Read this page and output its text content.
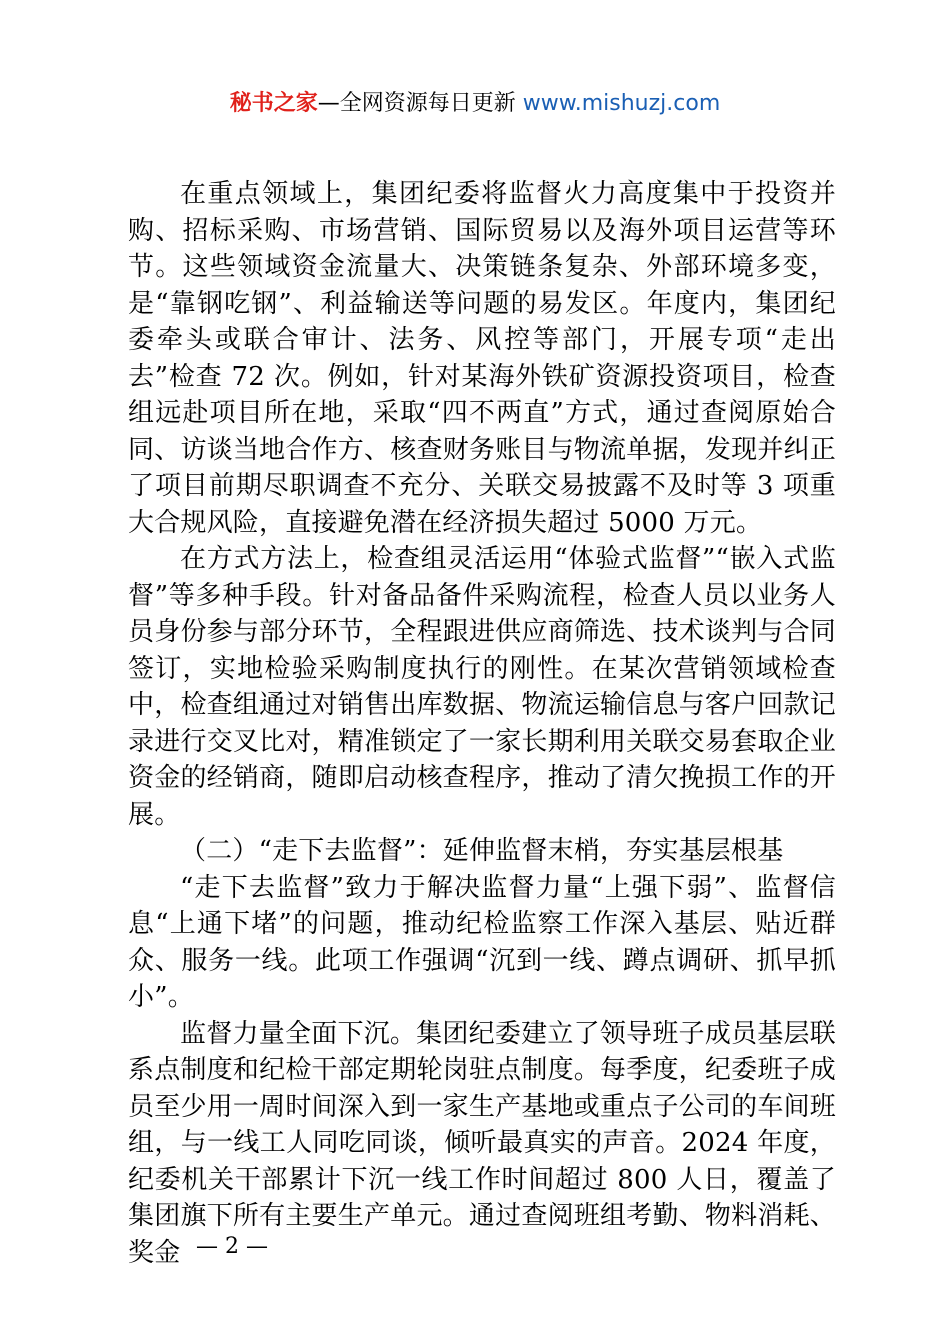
秘书之家—全网资源每日更新 www.mishuzj.com

在重点领域上，集团纪委将监督火力高度集中于投资并购、招标采购、市场营销、国际贸易以及海外项目运营等环节。这些领域资金流量大、决策链条复杂、外部环境多变，是“靠钢吃钢”、利益输送等问题的易发区。年度内，集团纪委牵头或联合审计、法务、风控等部门，开展专项“走出去”检查 72 次。例如，针对某海外铁矿资源投资项目，检查组远赴项目所在地，采取“四不两直”方式，通过查阅原始合同、访谈当地合作方、核查财务账目与物流单据，发现并纠正了项目前期尽职调查不充分、关联交易披露不及时等 3 项重大合规风险，直接避免潜在经济损失超过 5000 万元。

在方式方法上，检查组灵活运用“体验式监督”“嵌入式监督”等多种手段。针对备品备件采购流程，检查人员以业务人员身份参与部分环节，全程跟进供应商筛选、技术谈判与合同签订，实地检验采购制度执行的刚性。在某次营销领域检查中，检查组通过对销售出库数据、物流运输信息与客户回款记录进行交叉比对，精准锁定了一家长期利用关联交易套取企业资金的经销商，随即启动核查程序，推动了清欠挽损工作的开展。

（二）“走下去监督”：延伸监督末梢，夯实基层根基

“走下去监督”致力于解决监督力量“上强下弱”、监督信息“上通下堵”的问题，推动纪检监察工作深入基层、贴近群众、服务一线。此项工作强调“沉到一线、蹲点调研、抓早抓小”。

监督力量全面下沉。集团纪委建立了领导班子成员基层联系点制度和纪检干部定期轮岗驻点制度。每季度，纪委班子成员至少用一周时间深入到一家生产基地或重点子公司的车间班组，与一线工人同吃同谈，倾听最真实的声音。2024 年度，纪委机关干部累计下沉一线工作时间超过 800 人日，覆盖了集团旗下所有主要生产单元。通过查阅班组考勤、物料消耗、奖金 — 2 —
